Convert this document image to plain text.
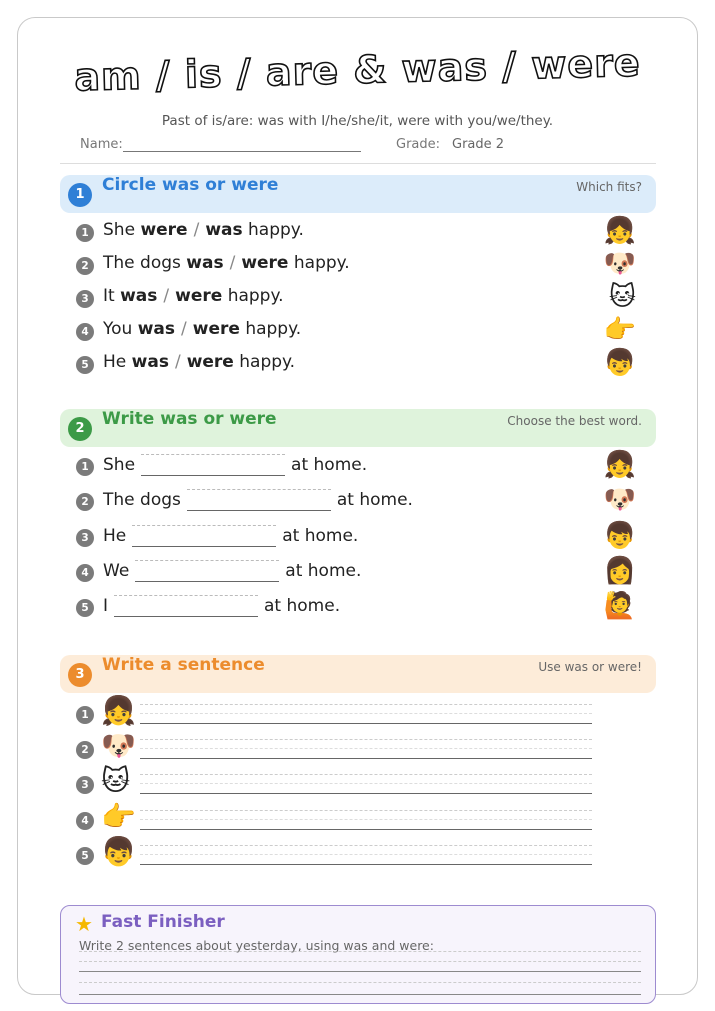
am / is / are & was / were
Past of is/are: was with I/he/she/it, were with you/we/they.
Name:	Grade: Grade 2
1	Circle was or were	Which fits?
1 She were / was happy.	👧
2 The dogs was / were happy.	🐶
3 It was / were happy.	🐱
4 You was / were happy.	👉
5 He was / were happy.	👦
2	Write was or were	Choose the best word.
1 She	at home.	👧
2 The dogs	at home.	🐶
3 He	at home.	👦
4 We	at home.	👩
5 I	at home.	🙋
3	Write a sentence	Use was or were!
1 👧
2 🐶
3 🐱
4 👉
5 👦
★ Fast Finisher
Write 2 sentences about yesterday, using was and were:
